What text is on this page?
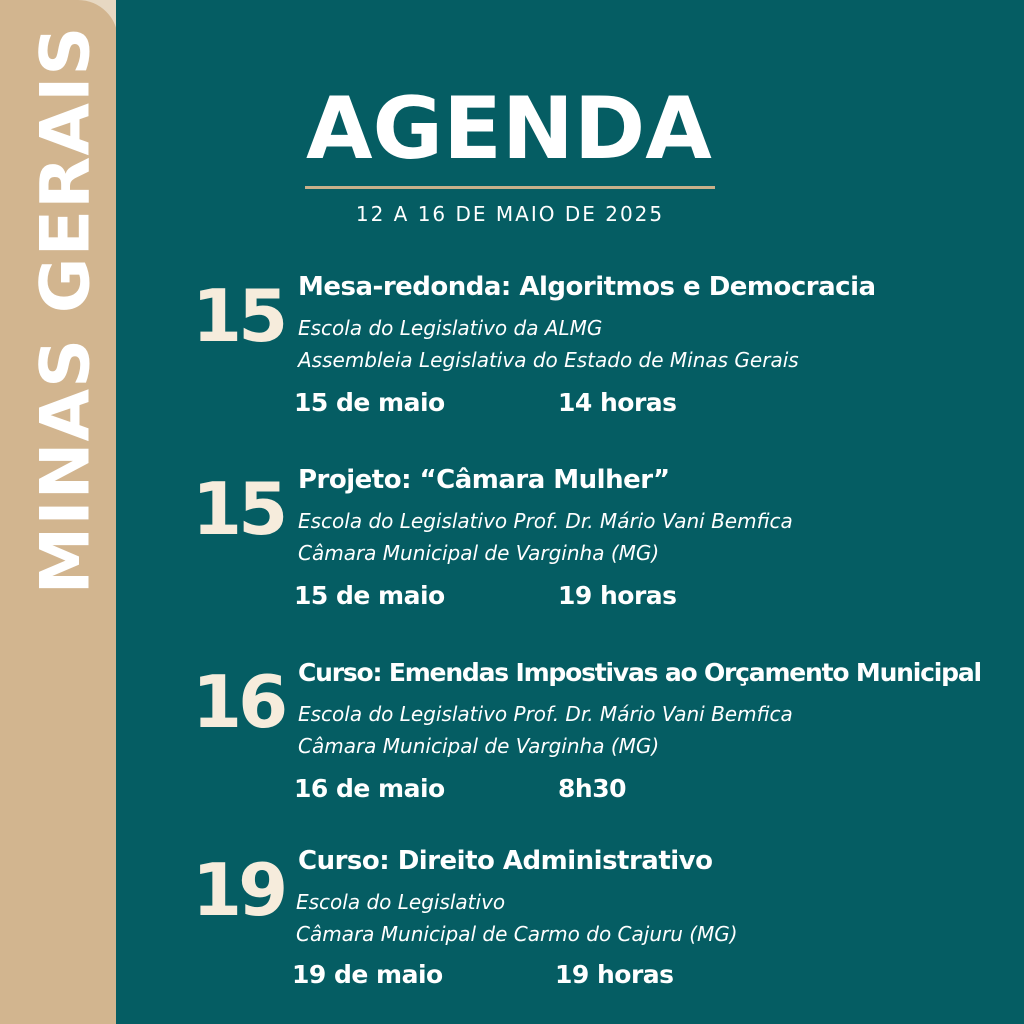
MINAS GERAIS AGENDA
12 A 16 DE MAIO DE 2025
15 Mesa-redonda: Algoritmos e Democracia
Escola do Legislativo da ALMG
Assembleia Legislativa do Estado de Minas Gerais
15 de maio	14 horas
15 Projeto: “Câmara Mulher”
Escola do Legislativo Prof. Dr. Mário Vani Bemfica
Câmara Municipal de Varginha (MG)
15 de maio	19 horas
16 Curso: Emendas Impostivas ao Orçamento Municipal
Escola do Legislativo Prof. Dr. Mário Vani Bemfica
Câmara Municipal de Varginha (MG)
16 de maio	8h30
19 Curso: Direito Administrativo
Escola do Legislativo
Câmara Municipal de Carmo do Cajuru (MG)
19 de maio	19 horas
